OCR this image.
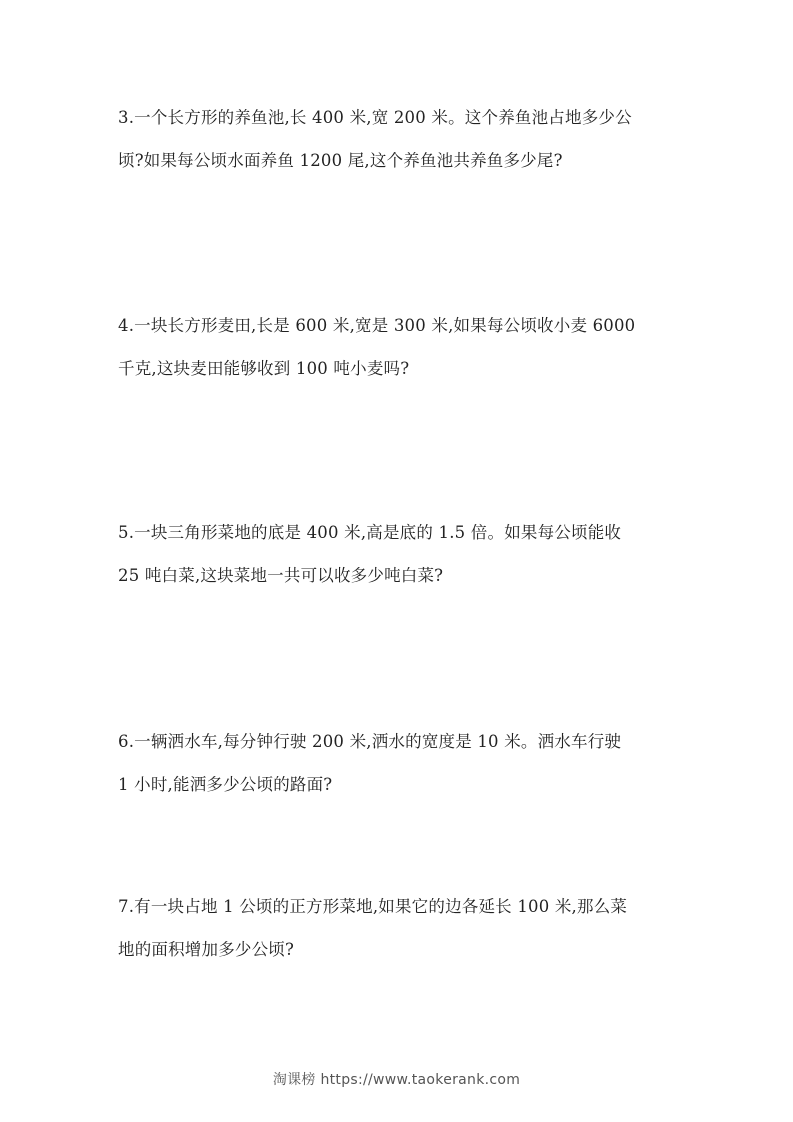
3.一个长方形的养鱼池,长 400 米,宽 200 米。这个养鱼池占地多少公
顷?如果每公顷水面养鱼 1200 尾,这个养鱼池共养鱼多少尾?
4.一块长方形麦田,长是 600 米,宽是 300 米,如果每公顷收小麦 6000
千克,这块麦田能够收到 100 吨小麦吗?
5.一块三角形菜地的底是 400 米,高是底的 1.5 倍。如果每公顷能收
25 吨白菜,这块菜地一共可以收多少吨白菜?
6.一辆洒水车,每分钟行驶 200 米,洒水的宽度是 10 米。洒水车行驶
1 小时,能洒多少公顷的路面?
7.有一块占地 1 公顷的正方形菜地,如果它的边各延长 100 米,那么菜
地的面积增加多少公顷?
淘课榜 https://www.taokerank.com
